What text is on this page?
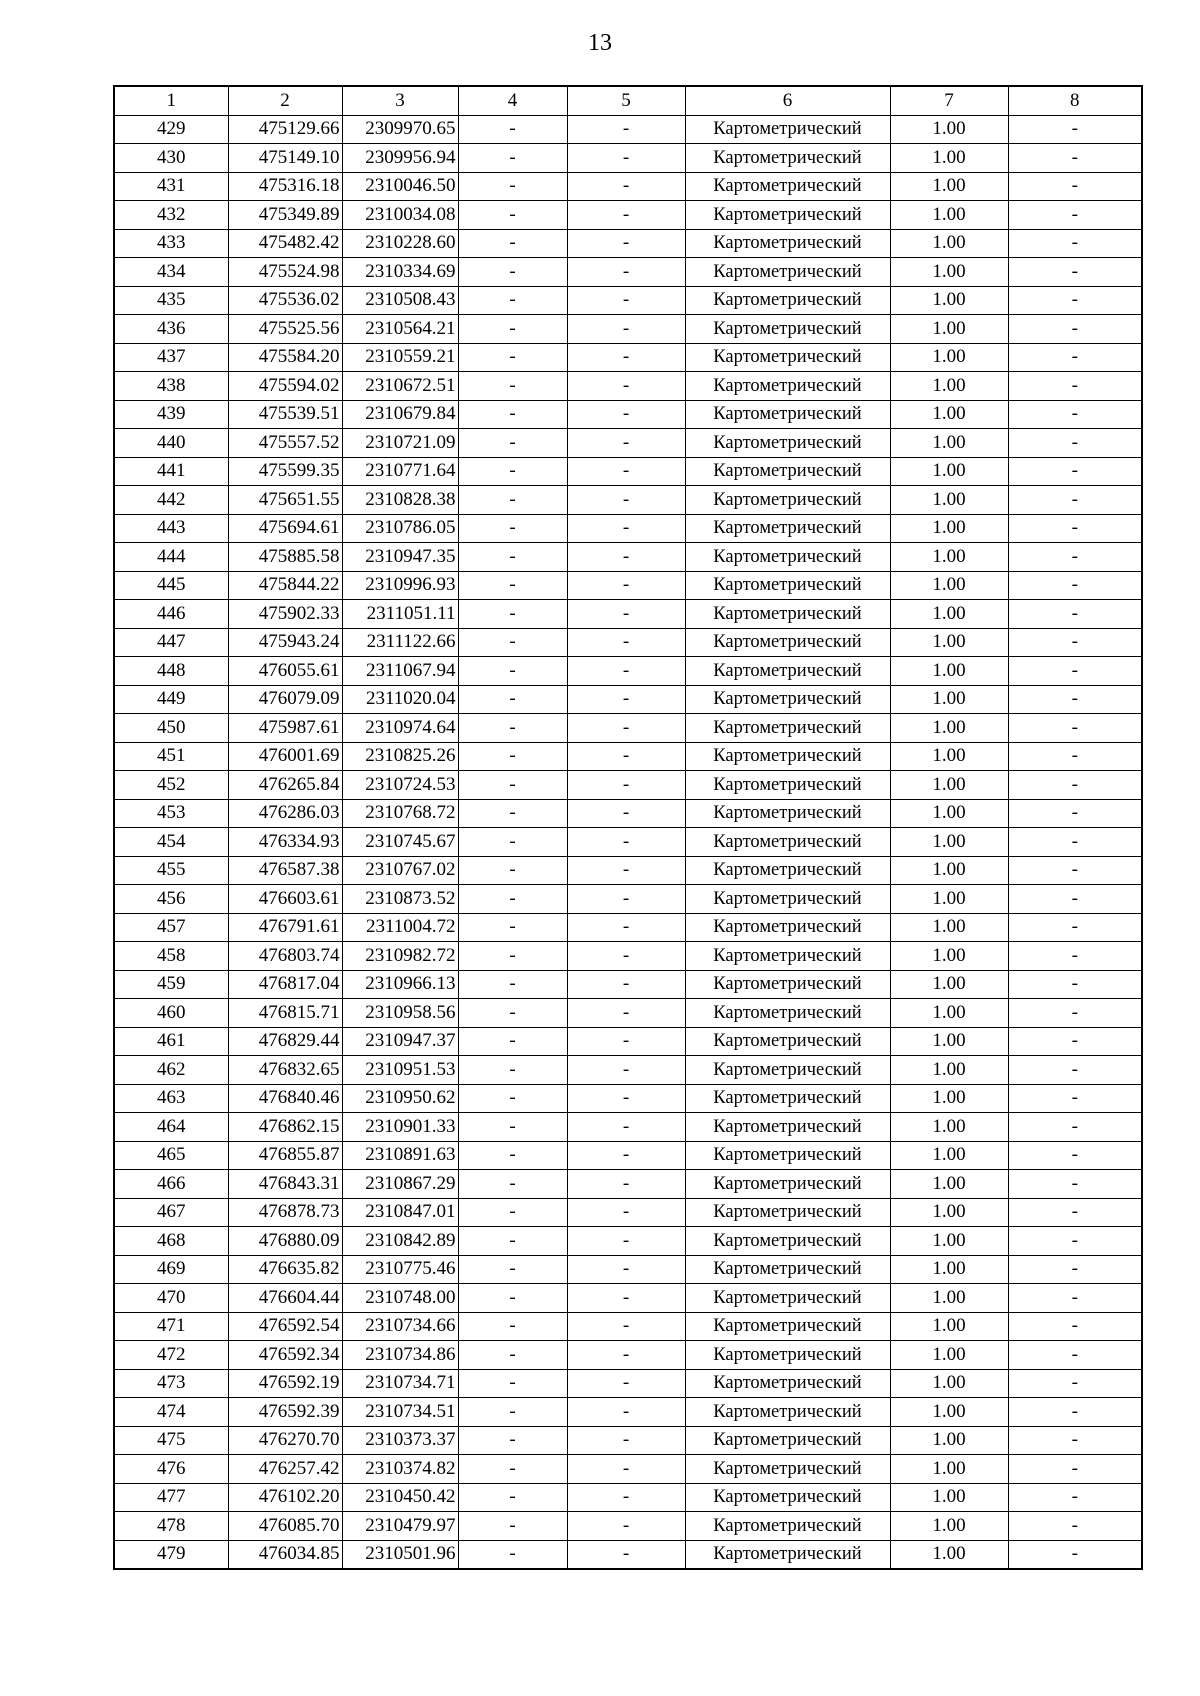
13
1	2	3	4	5	6	7	8
429	475129.66	2309970.65	-	-	Картометрический	1.00	-
430	475149.10	2309956.94	-	-	Картометрический	1.00	-
431	475316.18	2310046.50	-	-	Картометрический	1.00	-
432	475349.89	2310034.08	-	-	Картометрический	1.00	-
433	475482.42	2310228.60	-	-	Картометрический	1.00	-
434	475524.98	2310334.69	-	-	Картометрический	1.00	-
435	475536.02	2310508.43	-	-	Картометрический	1.00	-
436	475525.56	2310564.21	-	-	Картометрический	1.00	-
437	475584.20	2310559.21	-	-	Картометрический	1.00	-
438	475594.02	2310672.51	-	-	Картометрический	1.00	-
439	475539.51	2310679.84	-	-	Картометрический	1.00	-
440	475557.52	2310721.09	-	-	Картометрический	1.00	-
441	475599.35	2310771.64	-	-	Картометрический	1.00	-
442	475651.55	2310828.38	-	-	Картометрический	1.00	-
443	475694.61	2310786.05	-	-	Картометрический	1.00	-
444	475885.58	2310947.35	-	-	Картометрический	1.00	-
445	475844.22	2310996.93	-	-	Картометрический	1.00	-
446	475902.33	2311051.11	-	-	Картометрический	1.00	-
447	475943.24	2311122.66	-	-	Картометрический	1.00	-
448	476055.61	2311067.94	-	-	Картометрический	1.00	-
449	476079.09	2311020.04	-	-	Картометрический	1.00	-
450	475987.61	2310974.64	-	-	Картометрический	1.00	-
451	476001.69	2310825.26	-	-	Картометрический	1.00	-
452	476265.84	2310724.53	-	-	Картометрический	1.00	-
453	476286.03	2310768.72	-	-	Картометрический	1.00	-
454	476334.93	2310745.67	-	-	Картометрический	1.00	-
455	476587.38	2310767.02	-	-	Картометрический	1.00	-
456	476603.61	2310873.52	-	-	Картометрический	1.00	-
457	476791.61	2311004.72	-	-	Картометрический	1.00	-
458	476803.74	2310982.72	-	-	Картометрический	1.00	-
459	476817.04	2310966.13	-	-	Картометрический	1.00	-
460	476815.71	2310958.56	-	-	Картометрический	1.00	-
461	476829.44	2310947.37	-	-	Картометрический	1.00	-
462	476832.65	2310951.53	-	-	Картометрический	1.00	-
463	476840.46	2310950.62	-	-	Картометрический	1.00	-
464	476862.15	2310901.33	-	-	Картометрический	1.00	-
465	476855.87	2310891.63	-	-	Картометрический	1.00	-
466	476843.31	2310867.29	-	-	Картометрический	1.00	-
467	476878.73	2310847.01	-	-	Картометрический	1.00	-
468	476880.09	2310842.89	-	-	Картометрический	1.00	-
469	476635.82	2310775.46	-	-	Картометрический	1.00	-
470	476604.44	2310748.00	-	-	Картометрический	1.00	-
471	476592.54	2310734.66	-	-	Картометрический	1.00	-
472	476592.34	2310734.86	-	-	Картометрический	1.00	-
473	476592.19	2310734.71	-	-	Картометрический	1.00	-
474	476592.39	2310734.51	-	-	Картометрический	1.00	-
475	476270.70	2310373.37	-	-	Картометрический	1.00	-
476	476257.42	2310374.82	-	-	Картометрический	1.00	-
477	476102.20	2310450.42	-	-	Картометрический	1.00	-
478	476085.70	2310479.97	-	-	Картометрический	1.00	-
479	476034.85	2310501.96	-	-	Картометрический	1.00	-
